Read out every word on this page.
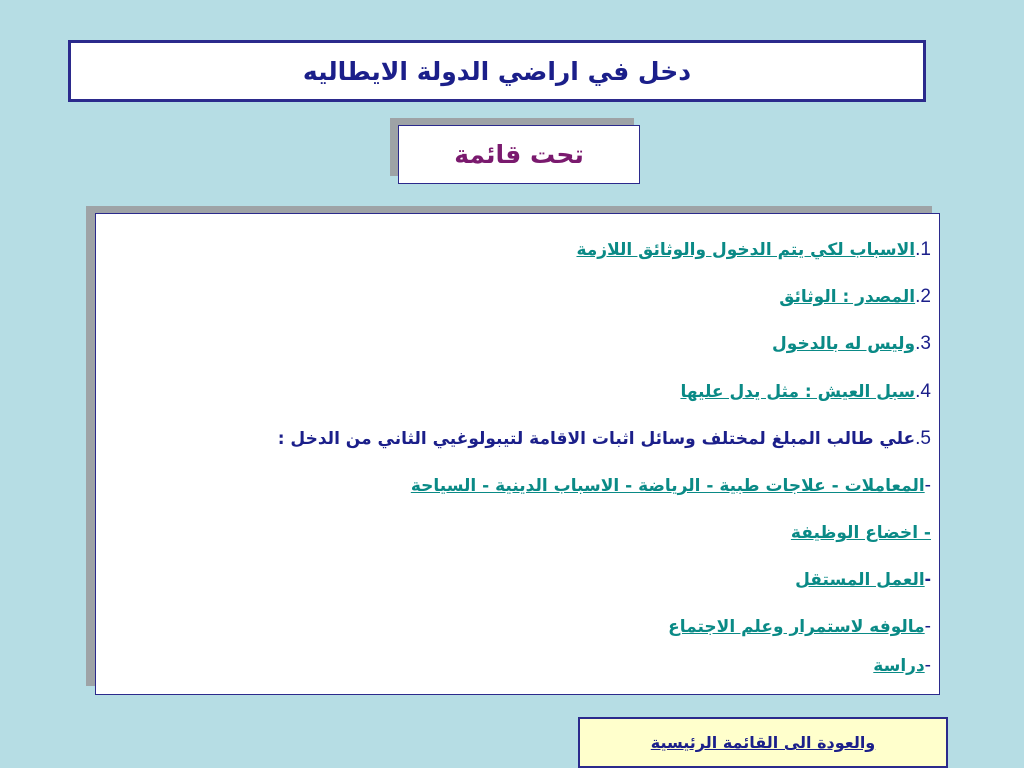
دخل في اراضي الدولة الايطاليه
تحت قائمة
1.
الاسباب لكي يتم الدخول والوثائق اللازمة
2.
المصدر : الوثائق
3.
وليس له بالدخول
4.
سبل العيش : مثل يدل عليها
5.
علي طالب المبلغ لمختلف وسائل اثبات الاقامة لتيبولوغيي الثاني من الدخل :
-
المعاملات - علاجات طبية - الرياضة - الاسباب الدينية - السياحة
- اخضاع الوظيفة
-
العمل المستقل
-
مالوفه لاستمرار وعلم الاجتماع
-
دراسة
والعودة الى القائمة الرئيسية
